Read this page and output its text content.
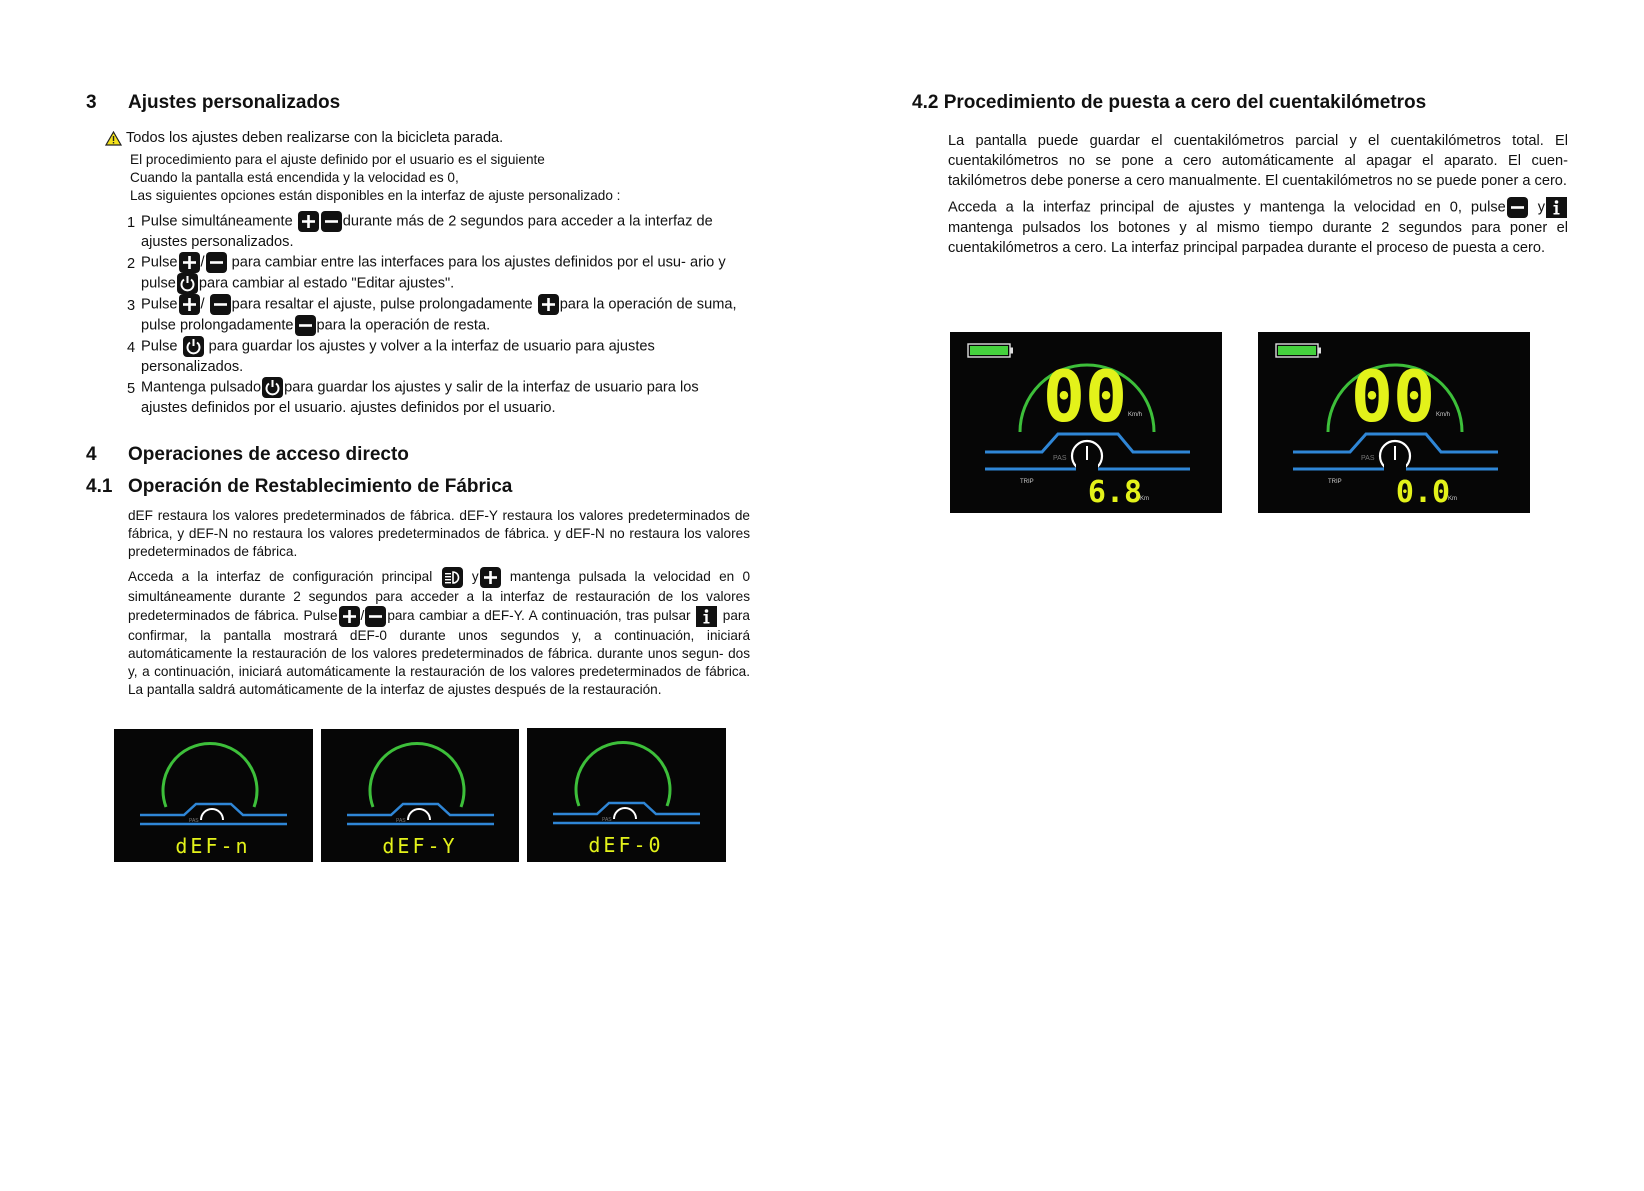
3 Ajustes personalizados
Todos los ajustes deben realizarse con la bicicleta parada.

El procedimiento para el ajuste definido por el usuario es el siguiente

Cuando la pantalla está encendida y la velocidad es 0,

Las siguientes opciones están disponibles en la interfaz de ajuste personalizado :

1 Pulse simultáneamente	durante más de 2 segundos para acceder a la interfaz de ajustes personalizados.
2 Pulse / para cambiar entre las interfaces para los ajustes definidos por el usu- ario y pulse para cambiar al estado "Editar ajustes".
3 Pulse / para resaltar el ajuste, pulse prolongadamente para la operación de suma, pulse prolongadamente para la operación de resta.
4 Pulse para guardar los ajustes y volver a la interfaz de usuario para ajustes personalizados.
5 Mantenga pulsado para guardar los ajustes y salir de la interfaz de usuario para los ajustes definidos por el usuario. ajustes definidos por el usuario.
4 Operaciones de acceso directo
4.1 Operación de Restablecimiento de Fábrica

dEF restaura los valores predeterminados de fábrica. dEF-Y restaura los valores predeterminados de fábrica, y dEF-N no restaura los valores predeterminados de fábrica. y dEF-N no restaura los valores predeterminados de fábrica.

Acceda a la interfaz de configuración principal	y mantenga pulsada la velocidad en 0 simultáneamente durante 2 segundos para acceder a la interfaz de restauración de los valores predeterminados de fábrica. Pulse / para cambiar a dEF-Y. A continuación, tras pulsar para confirmar, la pantalla mostrará dEF-0 durante unos segundos y, a continuación, iniciará automáticamente la restauración de los valores predeterminados de fábrica. durante unos segun- dos y, a continuación, iniciará automáticamente la restauración de los valores predeterminados de fábrica. La pantalla saldrá automáticamente de la interfaz de ajustes después de la restauración.

PAS
dEF-n
PAS
dEF-Y
PAS
dEF-0
4.2 Procedimiento de puesta a cero del cuentakilómetros

La pantalla puede guardar el cuentakilómetros parcial y el cuentakilómetros total. El cuentakilómetros no se pone a cero automáticamente al apagar el aparato. El cuen- takilómetros debe ponerse a cero manualmente. El cuentakilómetros no se puede poner a cero.

Acceda a la interfaz principal de ajustes y mantenga la velocidad en 0, pulse y
mantenga pulsados los botones y al mismo tiempo durante 2 segundos para poner el cuentakilómetros a cero. La interfaz principal parpadea durante el proceso de puesta a cero.

00 Km/h
PAS
TRIP 6.8
Km
00 Km/h
PAS
TRIP 0.0
Km
